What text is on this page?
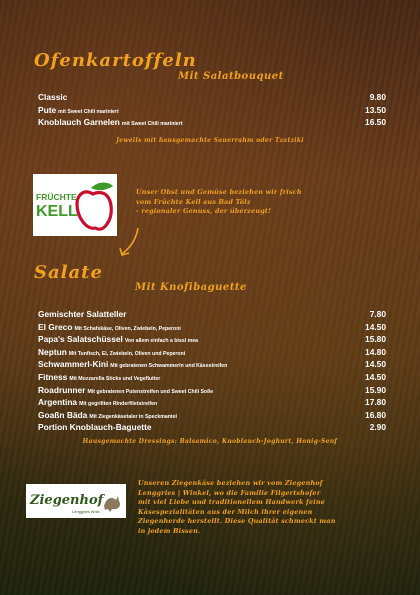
Ofenkartoffeln
Mit Salatbouquet
Classic	9.80
Pute mit Sweet Chili mariniert	13.50
Knoblauch Garnelen mit Sweet Chili mariniert	16.50
Jeweils mit hausgemachte Sauerrahm oder Tzatziki
FRÜCHTE
KELL
Unser Obst und Gemüse beziehen wir frisch
vom Früchte Kell aus Bad Tölz
- regionaler Genuss, der überzeugt!
Salate
Mit Knofibaguette
Gemischter Salatteller	7.80
El Greco Mit Schafskäse, Oliven, Zwiebeln, Peperoni	14.50
Papa's Salatschüssel Von allem einfach a bissl mea	15.80
Neptun Mit Tunfisch, Ei, Zwiebeln, Oliven und Peperoni	14.80
Schwammerl-Kini Mit gebratenen Schwammerln und Käsestreifen	14.50
Fitness Mit Mozzarella Sticks und Vegeflutter	14.50
Roadrunner Mit gebratenen Putenstreifen und Sweet Chili Soße	15.90
Argentina Mit gegrillten Rinderfiletstreifen	17.80
Goaßn Bäda Mit Ziegenkäsetaler in Speckmantel	16.80
Portion Knoblauch-Baguette	2.90
Hausgemachte Dressings: Balsamico, Knoblauch-Joghurt, Honig-Senf
Ziegenhof
Lenggries Wnkl
Unseren Ziegenkäse beziehen wir vom Ziegenhof
Lenggries | Winkel, wo die Familie Filgertshofer
mit viel Liebe und traditionellem Handwerk feine
Käsespezialitäten aus der Milch ihrer eigenen
Ziegenherde herstellt. Diese Qualität schmeckt man
in jedem Bissen.
